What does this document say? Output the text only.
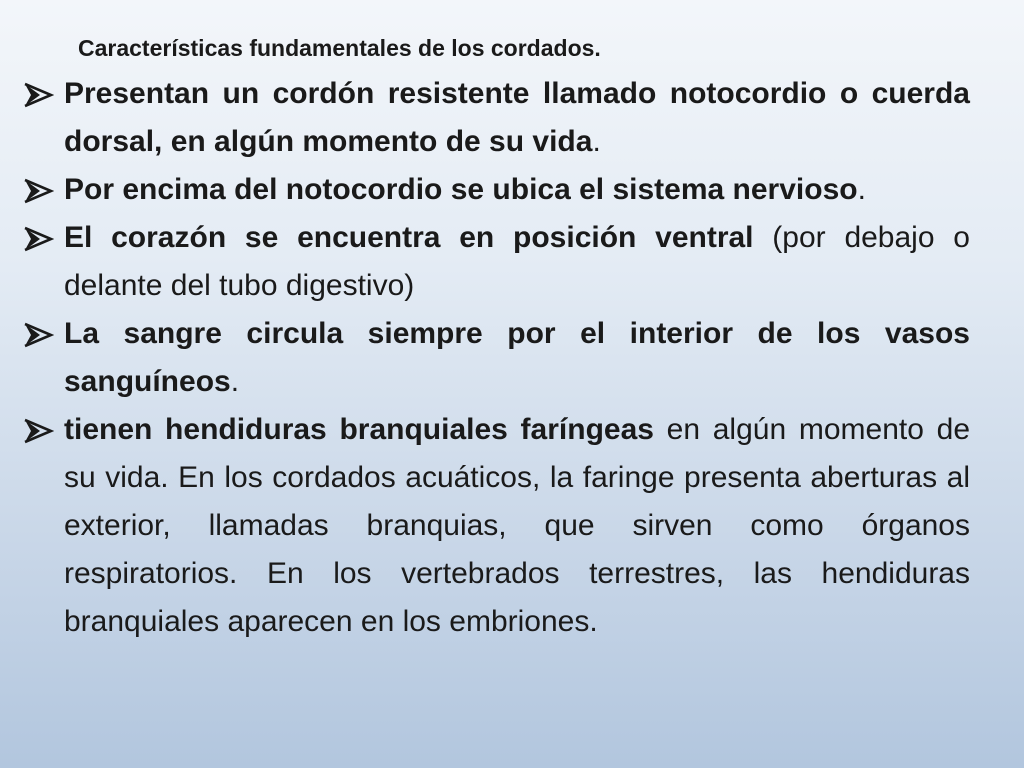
Características fundamentales de los cordados.
Presentan un cordón resistente llamado notocordio o cuerda dorsal, en algún momento de su vida.
Por encima del notocordio se ubica el sistema nervioso.
El corazón se encuentra en posición ventral (por debajo o delante del tubo digestivo)
La sangre circula siempre por el interior de los vasos sanguíneos.
tienen hendiduras branquiales faríngeas en algún momento de su vida. En los cordados acuáticos, la faringe presenta aberturas al exterior, llamadas branquias, que sirven como órganos respiratorios. En los vertebrados terrestres, las hendiduras branquiales aparecen en los embriones.
